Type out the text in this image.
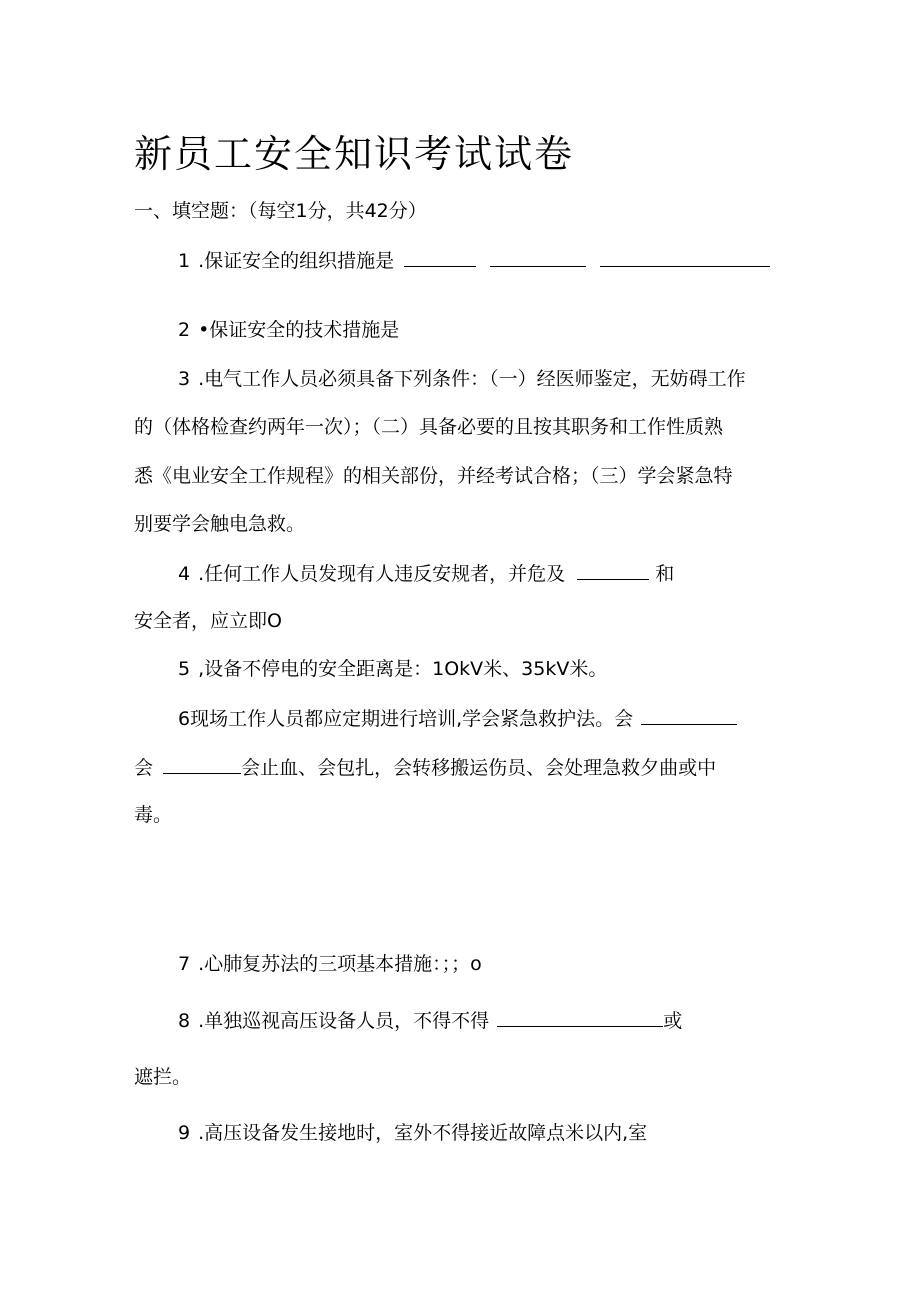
新员工安全知识考试试卷
一、填空题：（每空1分，共42分）
1 .保证安全的组织措施是
2 •保证安全的技术措施是
3 .电气工作人员必须具备下列条件：（一）经医师鉴定，无妨碍工作
的（体格检查约两年一次）；（二）具备必要的且按其职务和工作性质熟
悉《电业安全工作规程》的相关部份，并经考试合格；（三）学会紧急特
别要学会触电急救。
4 .任何工作人员发现有人违反安规者，并危及	和
安全者，应立即O
5 ,设备不停电的安全距离是：1OkV米、35kV米。
6现场工作人员都应定期进行培训,学会紧急救护法。会
会	会止血、会包扎，会转移搬运伤员、会处理急救夕曲或中
毒。
7 .心肺复苏法的三项基本措施：；；o
8 .单独巡视高压设备人员，不得不得	或
遮拦。
9 .高压设备发生接地时，室外不得接近故障点米以内,室
